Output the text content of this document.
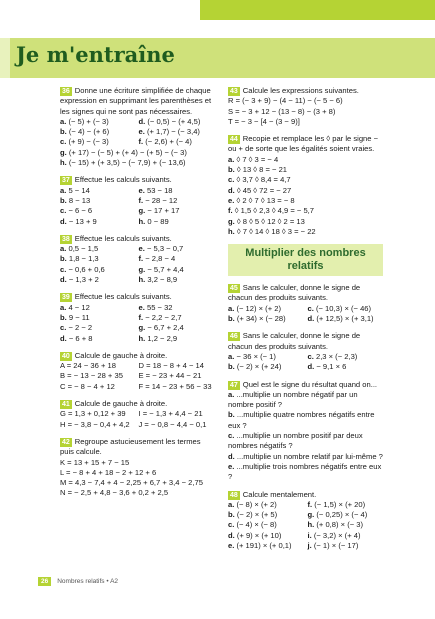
Je m'entraîne
36 Donne une écriture simplifiée de chaque expression en supprimant les parenthèses et les signes qui ne sont pas nécessaires.
a. (− 5) + (− 3)	d. (− 0,5) − (+ 4,5)
b. (− 4) − (+ 6)	e. (+ 1,7) − (− 3,4)
c. (+ 9) − (− 3)	f. (− 2,6) + (− 4)
g. (+ 17) − (− 5) + (+ 4) − (+ 5) − (− 3)
h. (− 15) + (+ 3,5) − (− 7,9) + (− 13,6)
37 Effectue les calculs suivants.
a. 5 − 14	e. 53 − 18
b. 8 − 13	f. − 28 − 12
c. − 6 − 6	g. − 17 + 17
d. − 13 + 9	h. 0 − 89
38 Effectue les calculs suivants.
a. 0,5 − 1,5	e. − 5,3 − 0,7
b. 1,8 − 1,3	f. − 2,8 − 4
c. − 0,6 + 0,6	g. − 5,7 + 4,4
d. − 1,3 + 2	h. 3,2 − 8,9
39 Effectue les calculs suivants.
a. 4 − 12	e. 55 − 32
b. 9 − 11	f. − 2,2 − 2,7
c. − 2 − 2	g. − 6,7 + 2,4
d. − 6 + 8	h. 1,2 − 2,9
40 Calcule de gauche à droite.
A = 24 − 36 + 18	D = 18 − 8 + 4 − 14
B = − 13 − 28 + 35	E = − 23 + 44 − 21
C = − 8 − 4 + 12	F = 14 − 23 + 56 − 33
41 Calcule de gauche à droite.
G = 1,3 + 0,12 + 39	I = − 1,3 + 4,4 − 21
H = − 3,8 − 0,4 + 4,2	J = − 0,8 − 4,4 − 0,1
42 Regroupe astucieusement les termes puis calcule.
K = 13 + 15 + 7 − 15
L = − 8 + 4 + 18 − 2 + 12 + 6
M = 4,3 − 7,4 + 4 − 2,25 + 6,7 + 3,4 − 2,75
N = − 2,5 + 4,8 − 3,6 + 0,2 + 2,5
43 Calcule les expressions suivantes.
R = (− 3 + 9) − (4 − 11) − (− 5 − 6)
S = − 3 + 12 − (13 − 8) − (3 + 8)
T = − 3 − [4 − (3 − 9)]
44 Recopie et remplace les ◊ par le signe − ou + de sorte que les égalités soient vraies.
a. ◊ 7 ◊ 3 = − 4
b. ◊ 13 ◊ 8 = − 21
c. ◊ 3,7 ◊ 8,4 = 4,7
d. ◊ 45 ◊ 72 = − 27
e. ◊ 2 ◊ 7 ◊ 13 = − 8
f. ◊ 1,5 ◊ 2,3 ◊ 4,9 = − 5,7
g. ◊ 8 ◊ 5 ◊ 12 ◊ 2 = 13
h. ◊ 7 ◊ 14 ◊ 18 ◊ 3 = − 22
Multiplier des nombres relatifs
45 Sans le calculer, donne le signe de chacun des produits suivants.
a. (− 12) × (+ 2)	c. (− 10,3) × (− 46)
b. (+ 34) × (− 28)	d. (+ 12,5) × (+ 3,1)
46 Sans le calculer, donne le signe de chacun des produits suivants.
a. − 36 × (− 1)	c. 2,3 × (− 2,3)
b. (− 2) × (+ 24)	d. − 9,1 × 6
47 Quel est le signe du résultat quand on...
a. ...multiplie un nombre négatif par un nombre positif ?
b. ...multiplie quatre nombres négatifs entre eux ?
c. ...multiplie un nombre positif par deux nombres négatifs ?
d. ...multiplie un nombre relatif par lui-même ?
e. ...multiplie trois nombres négatifs entre eux ?
48 Calcule mentalement.
a. (− 8) × (+ 2)	f. (− 1,5) × (+ 20)
b. (− 2) × (+ 5)	g. (− 0,25) × (− 4)
c. (− 4) × (− 8)	h. (+ 0,8) × (− 3)
d. (+ 9) × (+ 10)	i. (− 3,2) × (+ 4)
e. (+ 191) × (+ 0,1)	j. (− 1) × (− 17)
26 Nombres relatifs • A2
